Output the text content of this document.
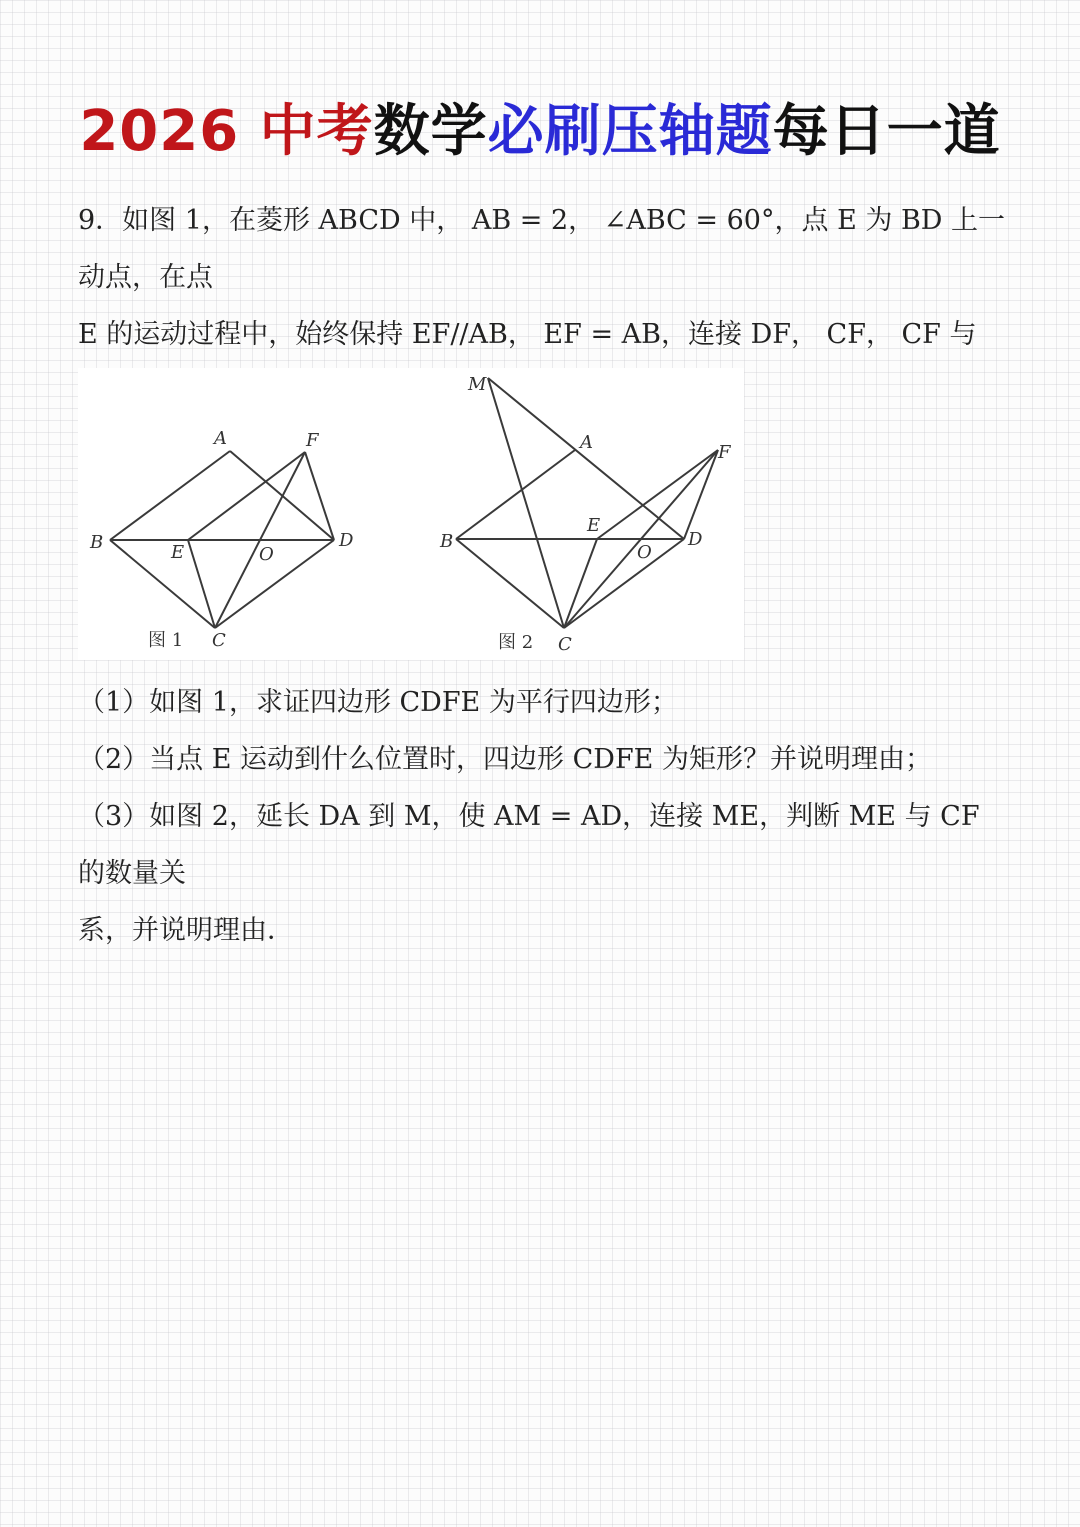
2026 中考数学必刷压轴题每日一道

9．如图 1，在菱形 ABCD 中， AB = 2， ∠ABC = 60°，点 E 为 BD 上一动点，在点

E 的运动过程中，始终保持 EF//AB， EF = AB，连接 DF， CF， CF 与

A
B
C
D
E
F
O
图 1
M
A
B
C
D
E
F
O
图 2

（1）如图 1，求证四边形 CDFE 为平行四边形；

（2）当点 E 运动到什么位置时，四边形 CDFE 为矩形？并说明理由；

（3）如图 2，延长 DA 到 M，使 AM = AD，连接 ME，判断 ME 与 CF 的数量关

系，并说明理由．
